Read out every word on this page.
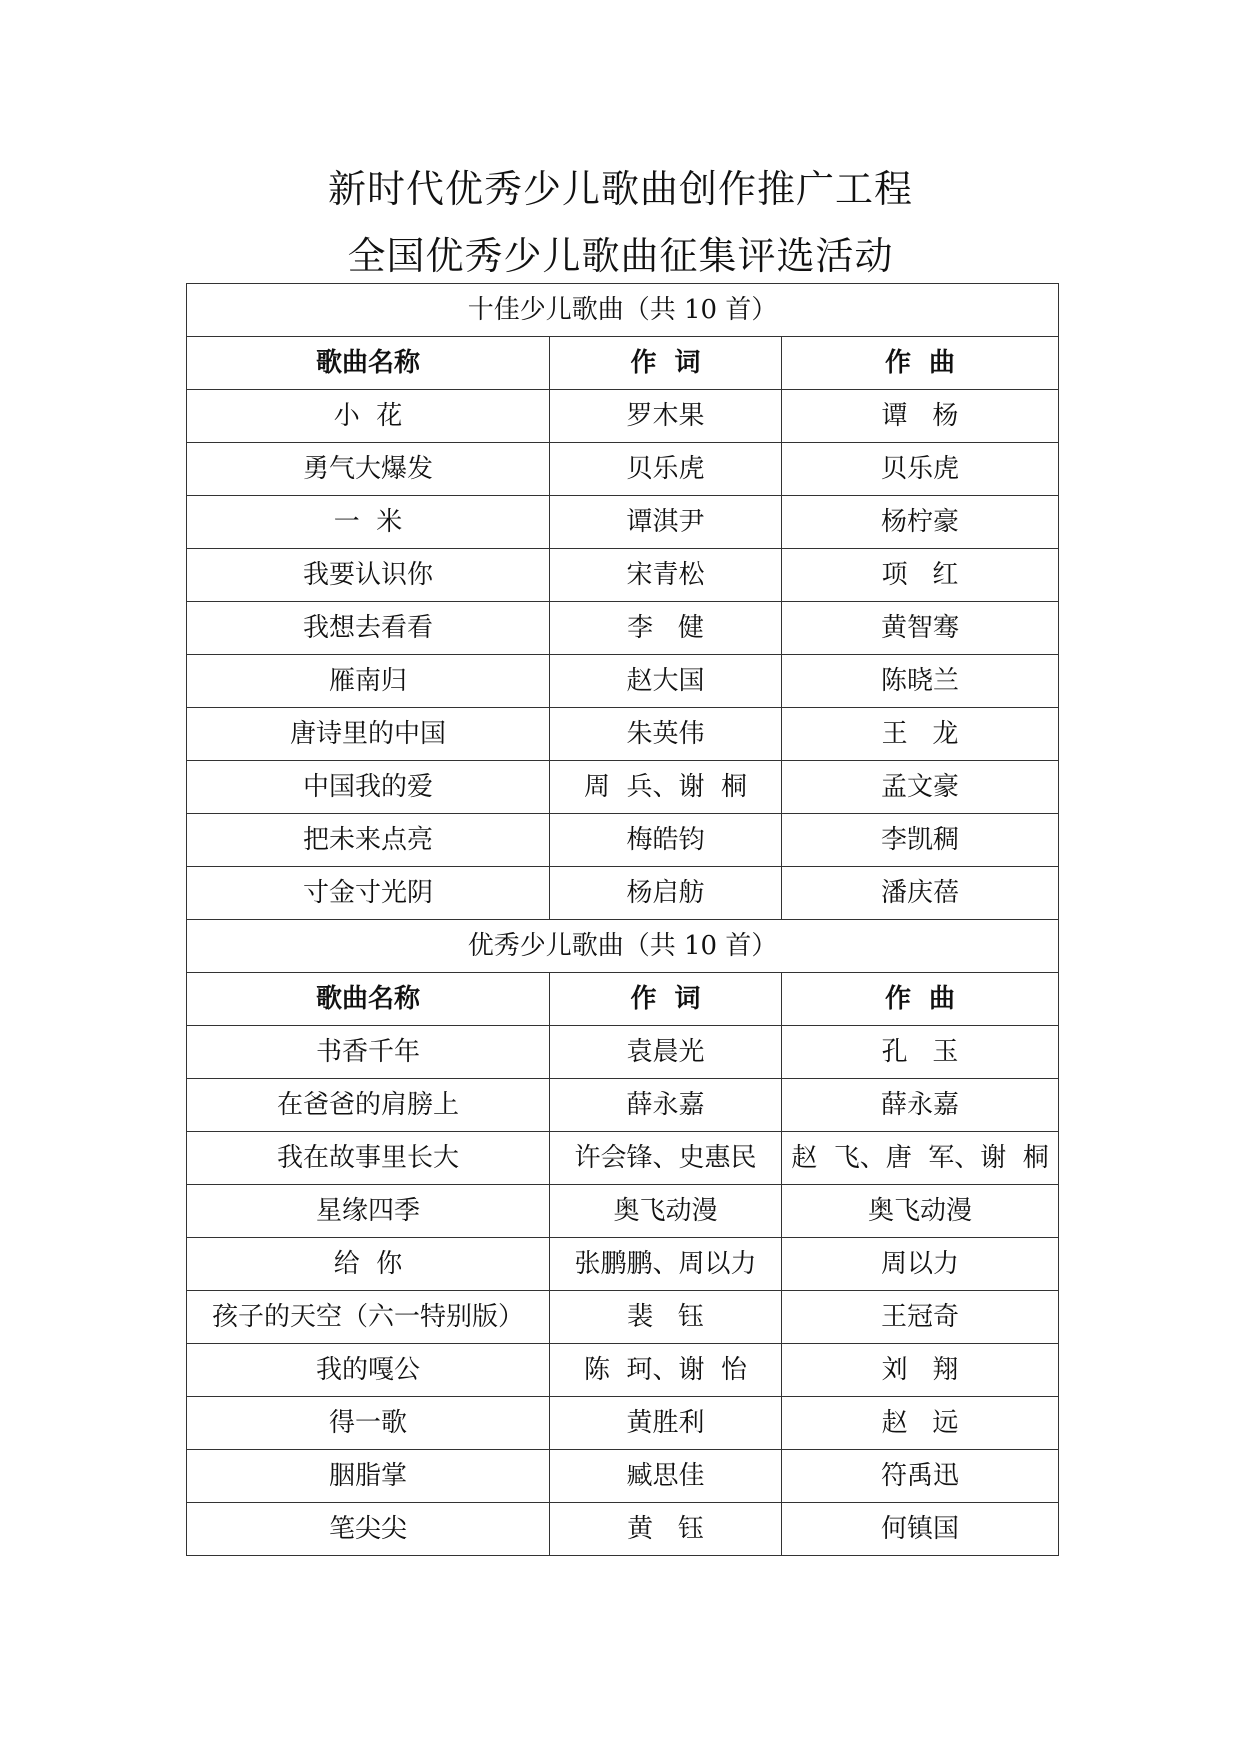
新时代优秀少儿歌曲创作推广工程
全国优秀少儿歌曲征集评选活动
十佳少儿歌曲（共 10 首）		
歌曲名称	作  词	作  曲
小  花	罗木果	谭   杨
勇气大爆发	贝乐虎	贝乐虎
一  米	谭淇尹	杨柠豪
我要认识你	宋青松	项   红
我想去看看	李   健	黄智骞
雁南归	赵大国	陈晓兰
唐诗里的中国	朱英伟	王   龙
中国我的爱	周  兵、谢  桐	孟文豪
把未来点亮	梅皓钧	李凯稠
寸金寸光阴	杨启舫	潘庆蓓
优秀少儿歌曲（共 10 首）		
歌曲名称	作  词	作  曲
书香千年	袁晨光	孔   玉
在爸爸的肩膀上	薛永嘉	薛永嘉
我在故事里长大	许会锋、史惠民	赵  飞、唐  军、谢  桐
星缘四季	奥飞动漫	奥飞动漫
给  你	张鹏鹏、周以力	周以力
孩子的天空（六一特别版）	裴   钰	王冠奇
我的嘎公	陈  珂、谢  怡	刘   翔
得一歌	黄胜利	赵   远
胭脂掌	臧思佳	符禹迅
笔尖尖	黄   钰	何镇国
